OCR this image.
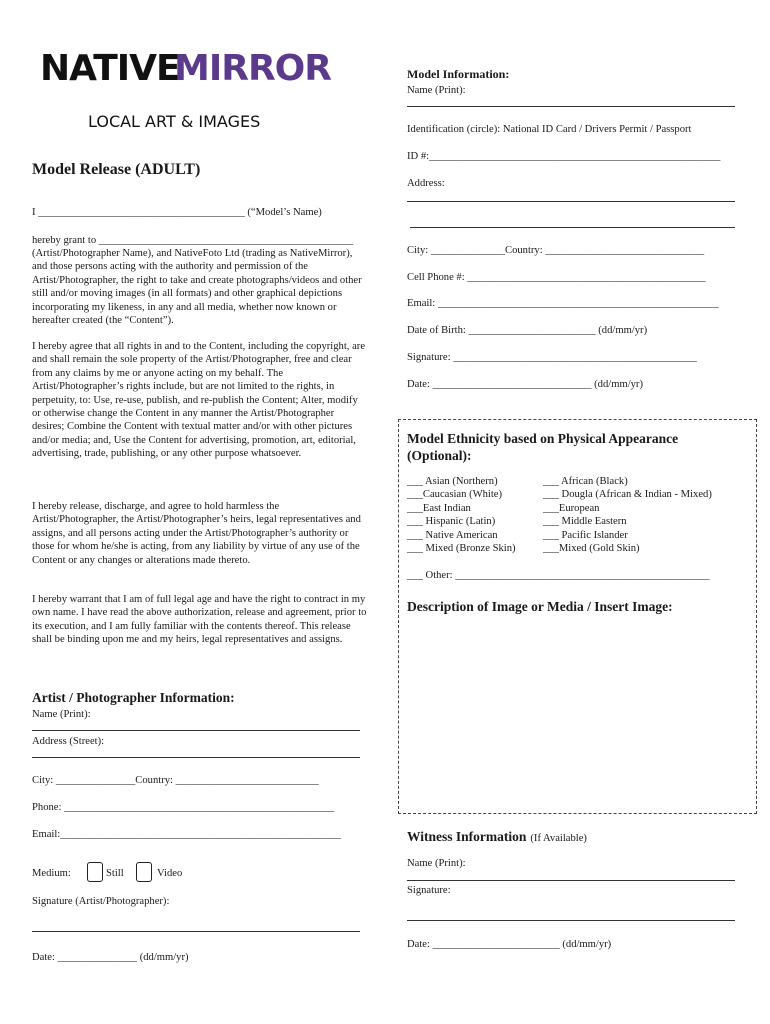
NATIVE
MIRROR
LOCAL ART & IMAGES
Model Release (ADULT)
I _______________________________________ (“Model’s Name)
hereby grant to ________________________________________________
(Artist/Photographer Name), and NativeFoto Ltd (trading as NativeMirror), and those persons acting with the authority and permission of the Artist/Photographer, the right to take and create photographs/videos and other still and/or moving images (in all formats) and other graphical depictions incorporating my likeness, in any and all media, whether now known or hereafter created (the “Content”).
I hereby agree that all rights in and to the Content, including the copyright, are and shall remain the sole property of the Artist/Photographer, free and clear from any claims by me or anyone acting on my behalf. The Artist/Photographer’s rights include, but are not limited to the rights, in perpetuity, to: Use, re-use, publish, and re-publish the Content; Alter, modify or otherwise change the Content in any manner the Artist/Photographer desires; Combine the Content with textual matter and/or with other pictures and/or media; and, Use the Content for advertising, promotion, art, editorial, advertising, trade, publishing, or any other purpose whatsoever.
I hereby release, discharge, and agree to hold harmless the Artist/Photographer, the Artist/Photographer’s heirs, legal representatives and assigns, and all persons acting under the Artist/Photographer’s authority or those for whom he/she is acting, from any liability by virtue of any use of the Content or any changes or alterations made thereto.
I hereby warrant that I am of full legal age and have the right to contract in my own name. I have read the above authorization, release and agreement, prior to its execution, and I am fully familiar with the contents thereof. This release shall be binding upon me and my heirs, legal representatives and assigns.
Artist / Photographer Information:
Name (Print):
Address (Street):
City: _______________Country: ___________________________
Phone: ___________________________________________________
Email:_____________________________________________________
Medium:	Still	Video
Signature (Artist/Photographer):
Date: _______________ (dd/mm/yr)
Model Information:
Name (Print):
Identification (circle): National ID Card / Drivers Permit / Passport
ID #:_______________________________________________________
Address:
City: ______________Country: ______________________________
Cell Phone #: _____________________________________________
Email: _____________________________________________________
Date of Birth: ________________________ (dd/mm/yr)
Signature: ______________________________________________
Date: ______________________________ (dd/mm/yr)
Model Ethnicity based on Physical Appearance
(Optional):
___ Asian (Northern)
___Caucasian (White)
___East Indian
___ Hispanic (Latin)
___ Native American
___ Mixed (Bronze Skin)
___ African (Black)
___ Dougla (African & Indian - Mixed)
___European
___ Middle Eastern
___ Pacific Islander
___Mixed (Gold Skin)
___ Other: ________________________________________________
Description of Image or Media / Insert Image:
Witness Information (If Available)
Name (Print):
Signature:
Date: ________________________ (dd/mm/yr)
